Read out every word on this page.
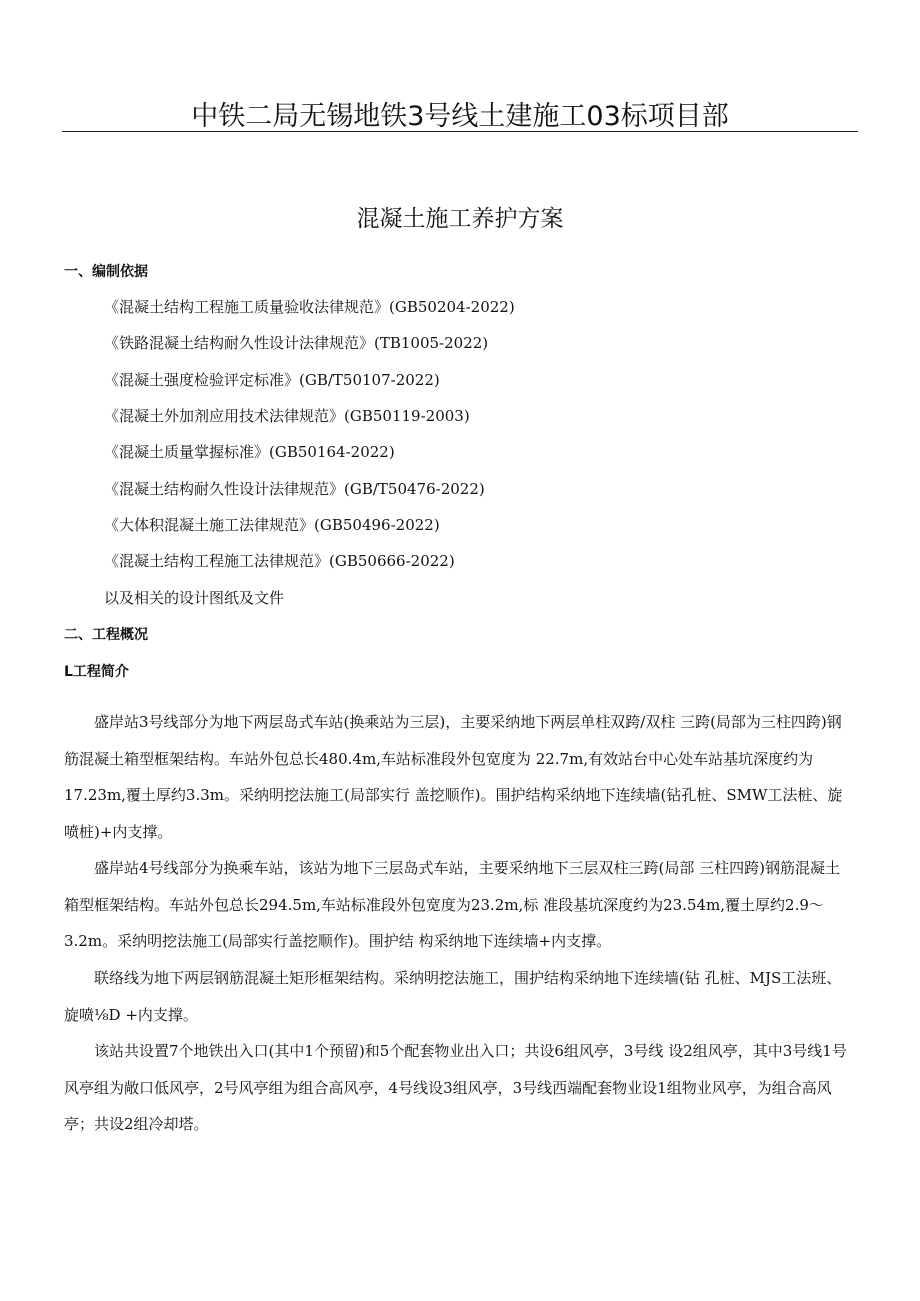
中铁二局无锡地铁3号线土建施工03标项目部
混凝土施工养护方案
一、编制依据
《混凝土结构工程施工质量验收法律规范》(GB50204-2022)
《铁路混凝土结构耐久性设计法律规范》(TB1005-2022)
《混凝土强度检验评定标准》(GB/T50107-2022)
《混凝土外加剂应用技术法律规范》(GB50119-2003)
《混凝土质量掌握标准》(GB50164-2022)
《混凝土结构耐久性设计法律规范》(GB/T50476-2022)
《大体积混凝土施工法律规范》(GB50496-2022)
《混凝土结构工程施工法律规范》(GB50666-2022)
以及相关的设计图纸及文件
二、工程概况
L工程简介
盛岸站3号线部分为地下两层岛式车站(换乘站为三层)，主要采纳地下两层单柱双跨/双柱 三跨(局部为三柱四跨)钢筋混凝土箱型框架结构。车站外包总长480.4m,车站标准段外包宽度为 22.7m,有效站台中心处车站基坑深度约为17.23m,覆土厚约3.3m。采纳明挖法施工(局部实行 盖挖顺作)。围护结构采纳地下连续墙(钻孔桩、SMW工法桩、旋喷桩)+内支撑。
盛岸站4号线部分为换乘车站，该站为地下三层岛式车站，主要采纳地下三层双柱三跨(局部 三柱四跨)钢筋混凝土箱型框架结构。车站外包总长294.5m,车站标准段外包宽度为23.2m,标 准段基坑深度约为23.54m,覆土厚约2.9～3.2m。采纳明挖法施工(局部实行盖挖顺作)。围护结 构采纳地下连续墙+内支撑。
联络线为地下两层钢筋混凝土矩形框架结构。采纳明挖法施工，围护结构采纳地下连续墙(钻 孔桩、MJS工法班、旋喷⅛D +内支撑。
该站共设置7个地铁出入口(其中1个预留)和5个配套物业出入口；共设6组风亭，3号线 设2组风亭，其中3号线1号风亭组为敞口低风亭，2号风亭组为组合高风亭，4号线设3组风亭，3号线西端配套物业设1组物业风亭，为组合高风亭；共设2组冷却塔。
